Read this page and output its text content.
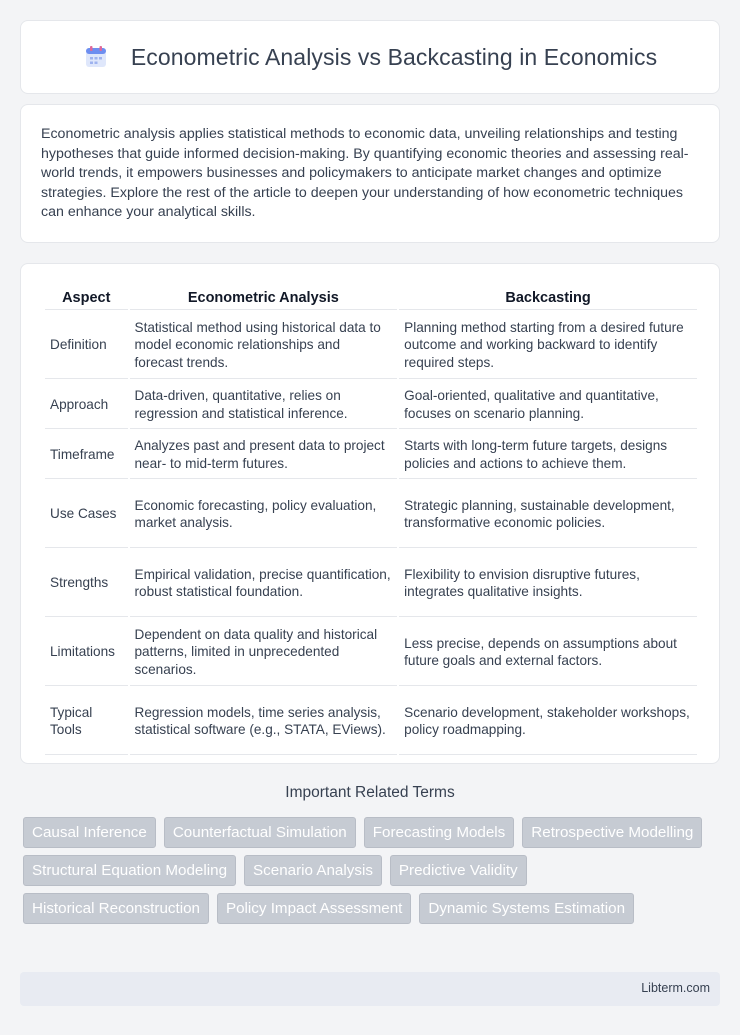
Econometric Analysis vs Backcasting in Economics

Econometric analysis applies statistical methods to economic data, unveiling relationships and testing hypotheses that guide informed decision-making. By quantifying economic theories and assessing real-world trends, it empowers businesses and policymakers to anticipate market changes and optimize strategies. Explore the rest of the article to deepen your understanding of how econometric techniques can enhance your analytical skills.

Aspect	Econometric Analysis	Backcasting
Definition	Statistical method using historical data to model economic relationships and forecast trends.	Planning method starting from a desired future outcome and working backward to identify required steps.
Approach	Data-driven, quantitative, relies on regression and statistical inference.	Goal-oriented, qualitative and quantitative, focuses on scenario planning.
Timeframe	Analyzes past and present data to project near- to mid-term futures.	Starts with long-term future targets, designs policies and actions to achieve them.
Use Cases	Economic forecasting, policy evaluation, market analysis.	Strategic planning, sustainable development, transformative economic policies.
Strengths	Empirical validation, precise quantification, robust statistical foundation.	Flexibility to envision disruptive futures, integrates qualitative insights.
Limitations	Dependent on data quality and historical patterns, limited in unprecedented scenarios.	Less precise, depends on assumptions about future goals and external factors.
Typical Tools	Regression models, time series analysis, statistical software (e.g., STATA, EViews).	Scenario development, stakeholder workshops, policy roadmapping.
Important Related Terms
Causal Inference	Counterfactual Simulation	Forecasting Models	Retrospective Modelling
Structural Equation Modeling	Scenario Analysis	Predictive Validity
Historical Reconstruction	Policy Impact Assessment	Dynamic Systems Estimation
Libterm.com
